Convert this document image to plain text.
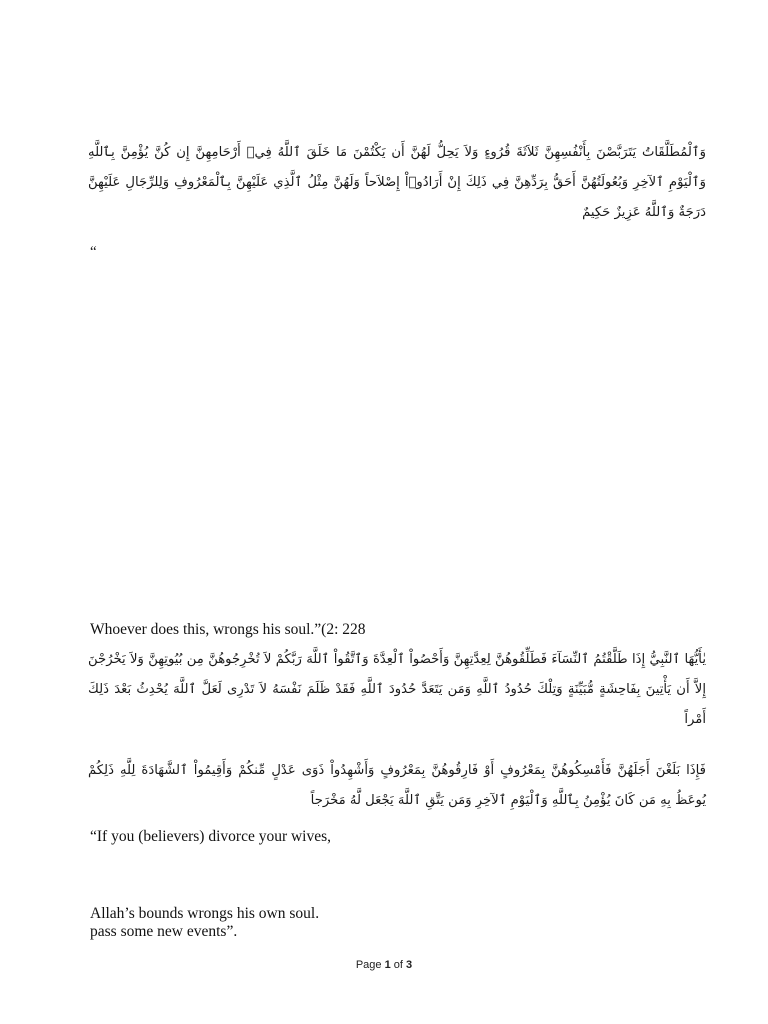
وَٱلْمُطَلَّقَاتُ يَتَرَبَّصْنَ بِأَنْفُسِهِنَّ ثَلاَثَةَ قُرُوءٍ وَلاَ يَحِلُّ لَهُنَّ أَن يَكْتُمْنَ مَا خَلَقَ ٱللَّهُ فِيۤ أَرْحَامِهِنَّ إِن كُنَّ يُؤْمِنَّ بِٱللَّهِ وَٱلْيَوْمِ ٱلآخِرِ وَبُعُولَتُهُنَّ أَحَقُّ بِرَدِّهِنَّ فِي ذَلِكَ إِنْ أَرَادُوۤاْ إِصْلاَحاً وَلَهُنَّ مِثْلُ ٱلَّذِي عَلَيْهِنَّ بِٱلْمَعْرُوفِ وَلِلرِّجَالِ عَلَيْهِنَّ دَرَجَةٌ وَٱللَّهُ عَزِيزٌ حَكِيمٌ
“
Whoever does this, wrongs his soul.”(2: 228
يٰأَيُّهَا ٱلنَّبِيُّ إِذَا طَلَّقْتُمُ ٱلنِّسَآءَ فَطَلِّقُوهُنَّ لِعِدَّتِهِنَّ وَأَحْصُواْ ٱلْعِدَّةَ وَٱتَّقُواْ ٱللَّهَ رَبَّكُمْ لاَ تُخْرِجُوهُنَّ مِن بُيُوتِهِنَّ وَلاَ يَخْرُجْنَ إِلاَّ أَن يَأْتِينَ بِفَاحِشَةٍ مُّبَيِّنَةٍ وَتِلْكَ حُدُودُ ٱللَّهِ وَمَن يَتَعَدَّ حُدُودَ ٱللَّهِ فَقَدْ ظَلَمَ نَفْسَهُ لاَ تَدْرِى لَعَلَّ ٱللَّهَ يُحْدِثُ بَعْدَ ذَلِكَ أَمْراً
فَإِذَا بَلَغْنَ أَجَلَهُنَّ فَأَمْسِكُوهُنَّ بِمَعْرُوفٍ أَوْ فَارِقُوهُنَّ بِمَعْرُوفٍ وَأَشْهِدُواْ ذَوَى عَدْلٍ مِّنكُمْ وَأَقِيمُواْ ٱلشَّهَادَةَ لِلَّهِ ذَلِكُمْ يُوعَظُ بِهِ مَن كَانَ يُؤْمِنُ بِٱللَّهِ وَٱلْيَوْمِ ٱلآخِرِ وَمَن يَتَّقِ ٱللَّهَ يَجْعَل لَّهُ مَخْرَجاً
“If you (believers) divorce your wives,
Allah’s bounds wrongs his own soul.
pass some new events”.
Page 1 of 3
